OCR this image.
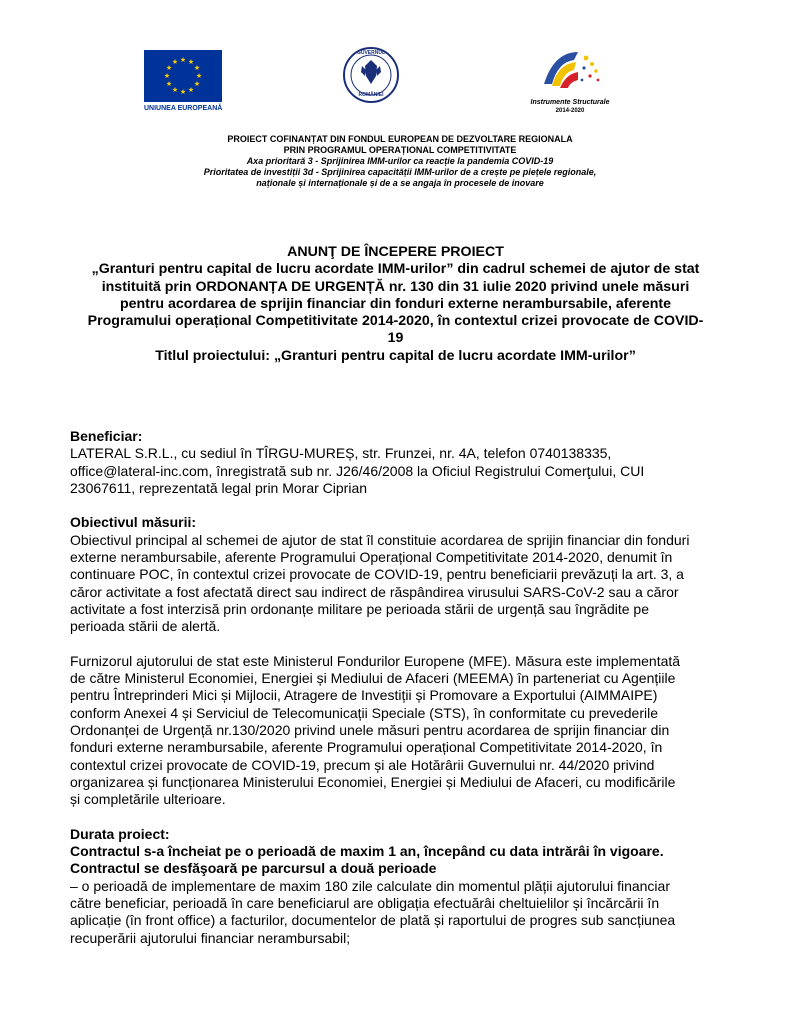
★ ★
★
★
★
★
★
★
★
★
★
★
UNIUNEA EUROPEANĂ
GUVERNUL
ROMÂNIEI
Instrumente Structurale
2014-2020
PROIECT COFINANȚAT DIN FONDUL EUROPEAN DE DEZVOLTARE REGIONALA
PRIN PROGRAMUL OPERAȚIONAL COMPETITIVITATE
Axa prioritară 3 - Sprijinirea IMM-urilor ca reacție la pandemia COVID-19
Prioritatea de investiții 3d - Sprijinirea capacității IMM-urilor de a crește pe piețele regionale,
naționale și internaționale și de a se angaja în procesele de inovare
ANUNŢ DE ÎNCEPERE PROIECT
„Granturi pentru capital de lucru acordate IMM-urilor” din cadrul schemei de ajutor de stat
instituită prin ORDONANȚA DE URGENȚĂ nr. 130 din 31 iulie 2020 privind unele măsuri
pentru acordarea de sprijin financiar din fonduri externe nerambursabile, aferente
Programului operațional Competitivitate 2014-2020, în contextul crizei provocate de COVID-
19
Titlul proiectului: „Granturi pentru capital de lucru acordate IMM-urilor”
Beneficiar:
LATERAL S.R.L., cu sediul în TÎRGU-MUREȘ, str. Frunzei, nr. 4A, telefon 0740138335,
office@lateral-inc.com, înregistrată sub nr. J26/46/2008 la Oficiul Registrului Comerţului, CUI
23067611, reprezentată legal prin Morar Ciprian
Obiectivul măsurii:
Obiectivul principal al schemei de ajutor de stat îl constituie acordarea de sprijin financiar din fonduri
externe nerambursabile, aferente Programului Operațional Competitivitate 2014-2020, denumit în
continuare POC, în contextul crizei provocate de COVID-19, pentru beneficiarii prevăzuți la art. 3, a
căror activitate a fost afectată direct sau indirect de răspândirea virusului SARS-CoV-2 sau a căror
activitate a fost interzisă prin ordonanțe militare pe perioada stării de urgență sau îngrădite pe
perioada stării de alertă.
Furnizorul ajutorului de stat este Ministerul Fondurilor Europene (MFE). Măsura este implementată
de către Ministerul Economiei, Energiei și Mediului de Afaceri (MEEMA) în parteneriat cu Agențiile
pentru Întreprinderi Mici și Mijlocii, Atragere de Investiții și Promovare a Exportului (AIMMAIPE)
conform Anexei 4 și Serviciul de Telecomunicații Speciale (STS), în conformitate cu prevederile
Ordonanței de Urgență nr.130/2020 privind unele măsuri pentru acordarea de sprijin financiar din
fonduri externe nerambursabile, aferente Programului operațional Competitivitate 2014-2020, în
contextul crizei provocate de COVID-19, precum și ale Hotărârii Guvernului nr. 44/2020 privind
organizarea și funcționarea Ministerului Economiei, Energiei și Mediului de Afaceri, cu modificările
și completările ulterioare.
Durata proiect:
Contractul s-a încheiat pe o perioadă de maxim 1 an, începând cu data intrărâi în vigoare.
Contractul se desfăşoară pe parcursul a două perioade
– o perioadă de implementare de maxim 180 zile calculate din momentul plății ajutorului financiar
către beneficiar, perioadă în care beneficiarul are obligația efectuărâi cheltuielilor și încărcării în
aplicație (în front office) a facturilor, documentelor de plată și raportului de progres sub sancțiunea
recuperării ajutorului financiar nerambursabil;
